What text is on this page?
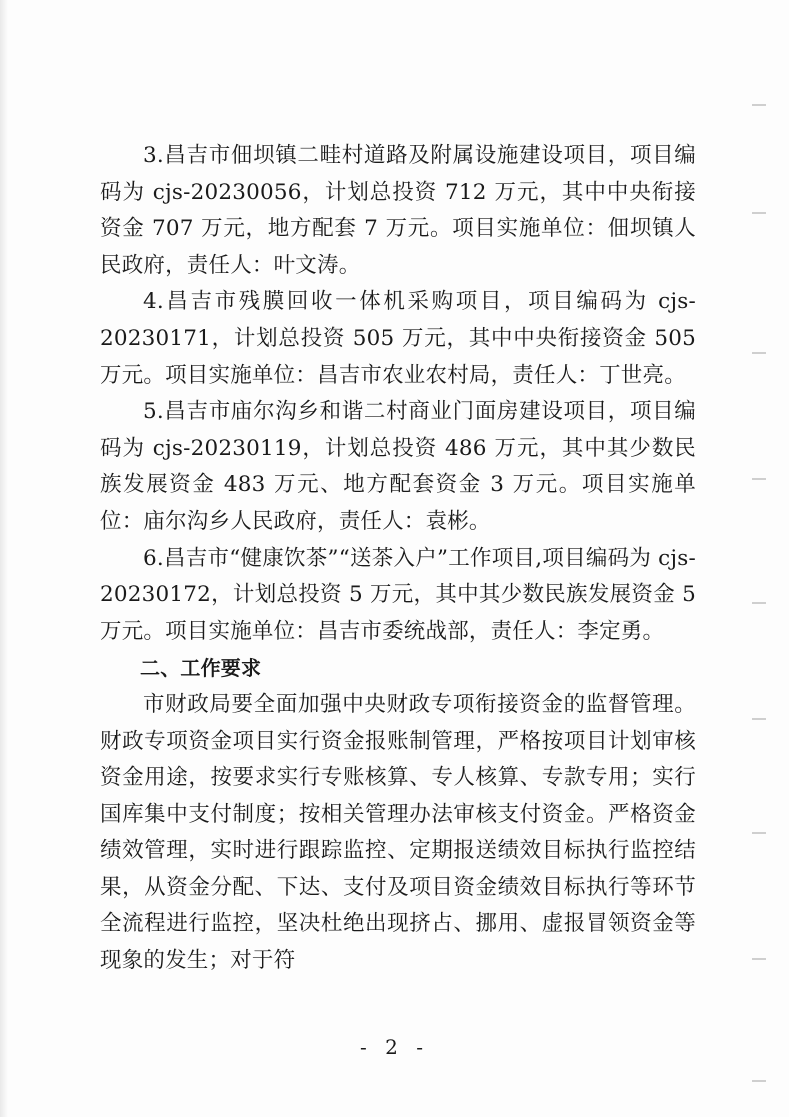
3.昌吉市佃坝镇二畦村道路及附属设施建设项目，项目编码为 cjs-20230056，计划总投资 712 万元，其中中央衔接资金 707 万元，地方配套 7 万元。项目实施单位：佃坝镇人民政府，责任人：叶文涛。

4.昌吉市残膜回收一体机采购项目，项目编码为 cjs-20230171，计划总投资 505 万元，其中中央衔接资金 505 万元。项目实施单位：昌吉市农业农村局，责任人：丁世亮。

5.昌吉市庙尔沟乡和谐二村商业门面房建设项目，项目编码为 cjs-20230119，计划总投资 486 万元，其中其少数民族发展资金 483 万元、地方配套资金 3 万元。项目实施单位：庙尔沟乡人民政府，责任人：袁彬。

6.昌吉市“健康饮茶”“送茶入户”工作项目,项目编码为 cjs-20230172，计划总投资 5 万元，其中其少数民族发展资金 5 万元。项目实施单位：昌吉市委统战部，责任人：李定勇。

二、工作要求

市财政局要全面加强中央财政专项衔接资金的监督管理。财政专项资金项目实行资金报账制管理，严格按项目计划审核资金用途，按要求实行专账核算、专人核算、专款专用；实行国库集中支付制度；按相关管理办法审核支付资金。严格资金绩效管理，实时进行跟踪监控、定期报送绩效目标执行监控结果，从资金分配、下达、支付及项目资金绩效目标执行等环节全流程进行监控，坚决杜绝出现挤占、挪用、虚报冒领资金等现象的发生；对于符

- 2 -
